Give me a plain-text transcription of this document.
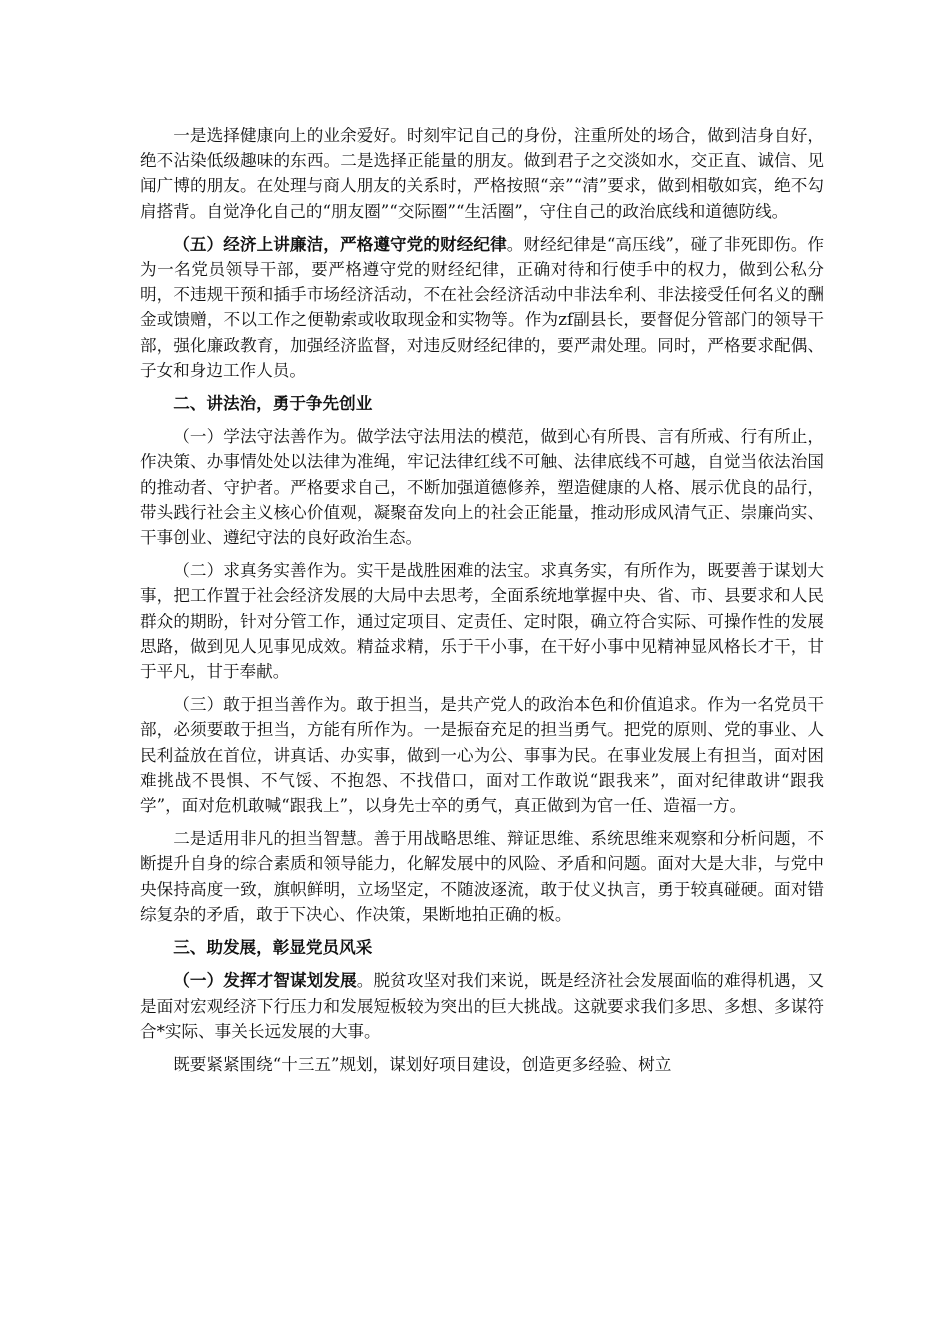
一是选择健康向上的业余爱好。时刻牢记自己的身份，注重所处的场合，做到洁身自好，绝不沾染低级趣味的东西。二是选择正能量的朋友。做到君子之交淡如水，交正直、诚信、见闻广博的朋友。在处理与商人朋友的关系时，严格按照“亲”“清”要求，做到相敬如宾，绝不勾肩搭背。自觉净化自己的“朋友圈”“交际圈”“生活圈”，守住自己的政治底线和道德防线。

（五）经济上讲廉洁，严格遵守党的财经纪律。财经纪律是“高压线”，碰了非死即伤。作为一名党员领导干部，要严格遵守党的财经纪律，正确对待和行使手中的权力，做到公私分明，不违规干预和插手市场经济活动，不在社会经济活动中非法牟利、非法接受任何名义的酬金或馈赠，不以工作之便勒索或收取现金和实物等。作为zf副县长，要督促分管部门的领导干部，强化廉政教育，加强经济监督，对违反财经纪律的，要严肃处理。同时，严格要求配偶、子女和身边工作人员。

二、讲法治，勇于争先创业

（一）学法守法善作为。做学法守法用法的模范，做到心有所畏、言有所戒、行有所止，作决策、办事情处处以法律为准绳，牢记法律红线不可触、法律底线不可越，自觉当依法治国的推动者、守护者。严格要求自己，不断加强道德修养，塑造健康的人格、展示优良的品行，带头践行社会主义核心价值观，凝聚奋发向上的社会正能量，推动形成风清气正、崇廉尚实、干事创业、遵纪守法的良好政治生态。

（二）求真务实善作为。实干是战胜困难的法宝。求真务实，有所作为，既要善于谋划大事，把工作置于社会经济发展的大局中去思考，全面系统地掌握中央、省、市、县要求和人民群众的期盼，针对分管工作，通过定项目、定责任、定时限，确立符合实际、可操作性的发展思路，做到见人见事见成效。精益求精，乐于干小事，在干好小事中见精神显风格长才干，甘于平凡，甘于奉献。

（三）敢于担当善作为。敢于担当，是共产党人的政治本色和价值追求。作为一名党员干部，必须要敢于担当，方能有所作为。一是振奋充足的担当勇气。把党的原则、党的事业、人民利益放在首位，讲真话、办实事，做到一心为公、事事为民。在事业发展上有担当，面对困难挑战不畏惧、不气馁、不抱怨、不找借口，面对工作敢说“跟我来”，面对纪律敢讲“跟我学”，面对危机敢喊“跟我上”，以身先士卒的勇气，真正做到为官一任、造福一方。

二是适用非凡的担当智慧。善于用战略思维、辩证思维、系统思维来观察和分析问题，不断提升自身的综合素质和领导能力，化解发展中的风险、矛盾和问题。面对大是大非，与党中央保持高度一致，旗帜鲜明，立场坚定，不随波逐流，敢于仗义执言，勇于较真碰硬。面对错综复杂的矛盾，敢于下决心、作决策，果断地拍正确的板。

三、助发展，彰显党员风采

（一）发挥才智谋划发展。脱贫攻坚对我们来说，既是经济社会发展面临的难得机遇，又是面对宏观经济下行压力和发展短板较为突出的巨大挑战。这就要求我们多思、多想、多谋符合*实际、事关长远发展的大事。

既要紧紧围绕“十三五”规划，谋划好项目建设，创造更多经验、树立
